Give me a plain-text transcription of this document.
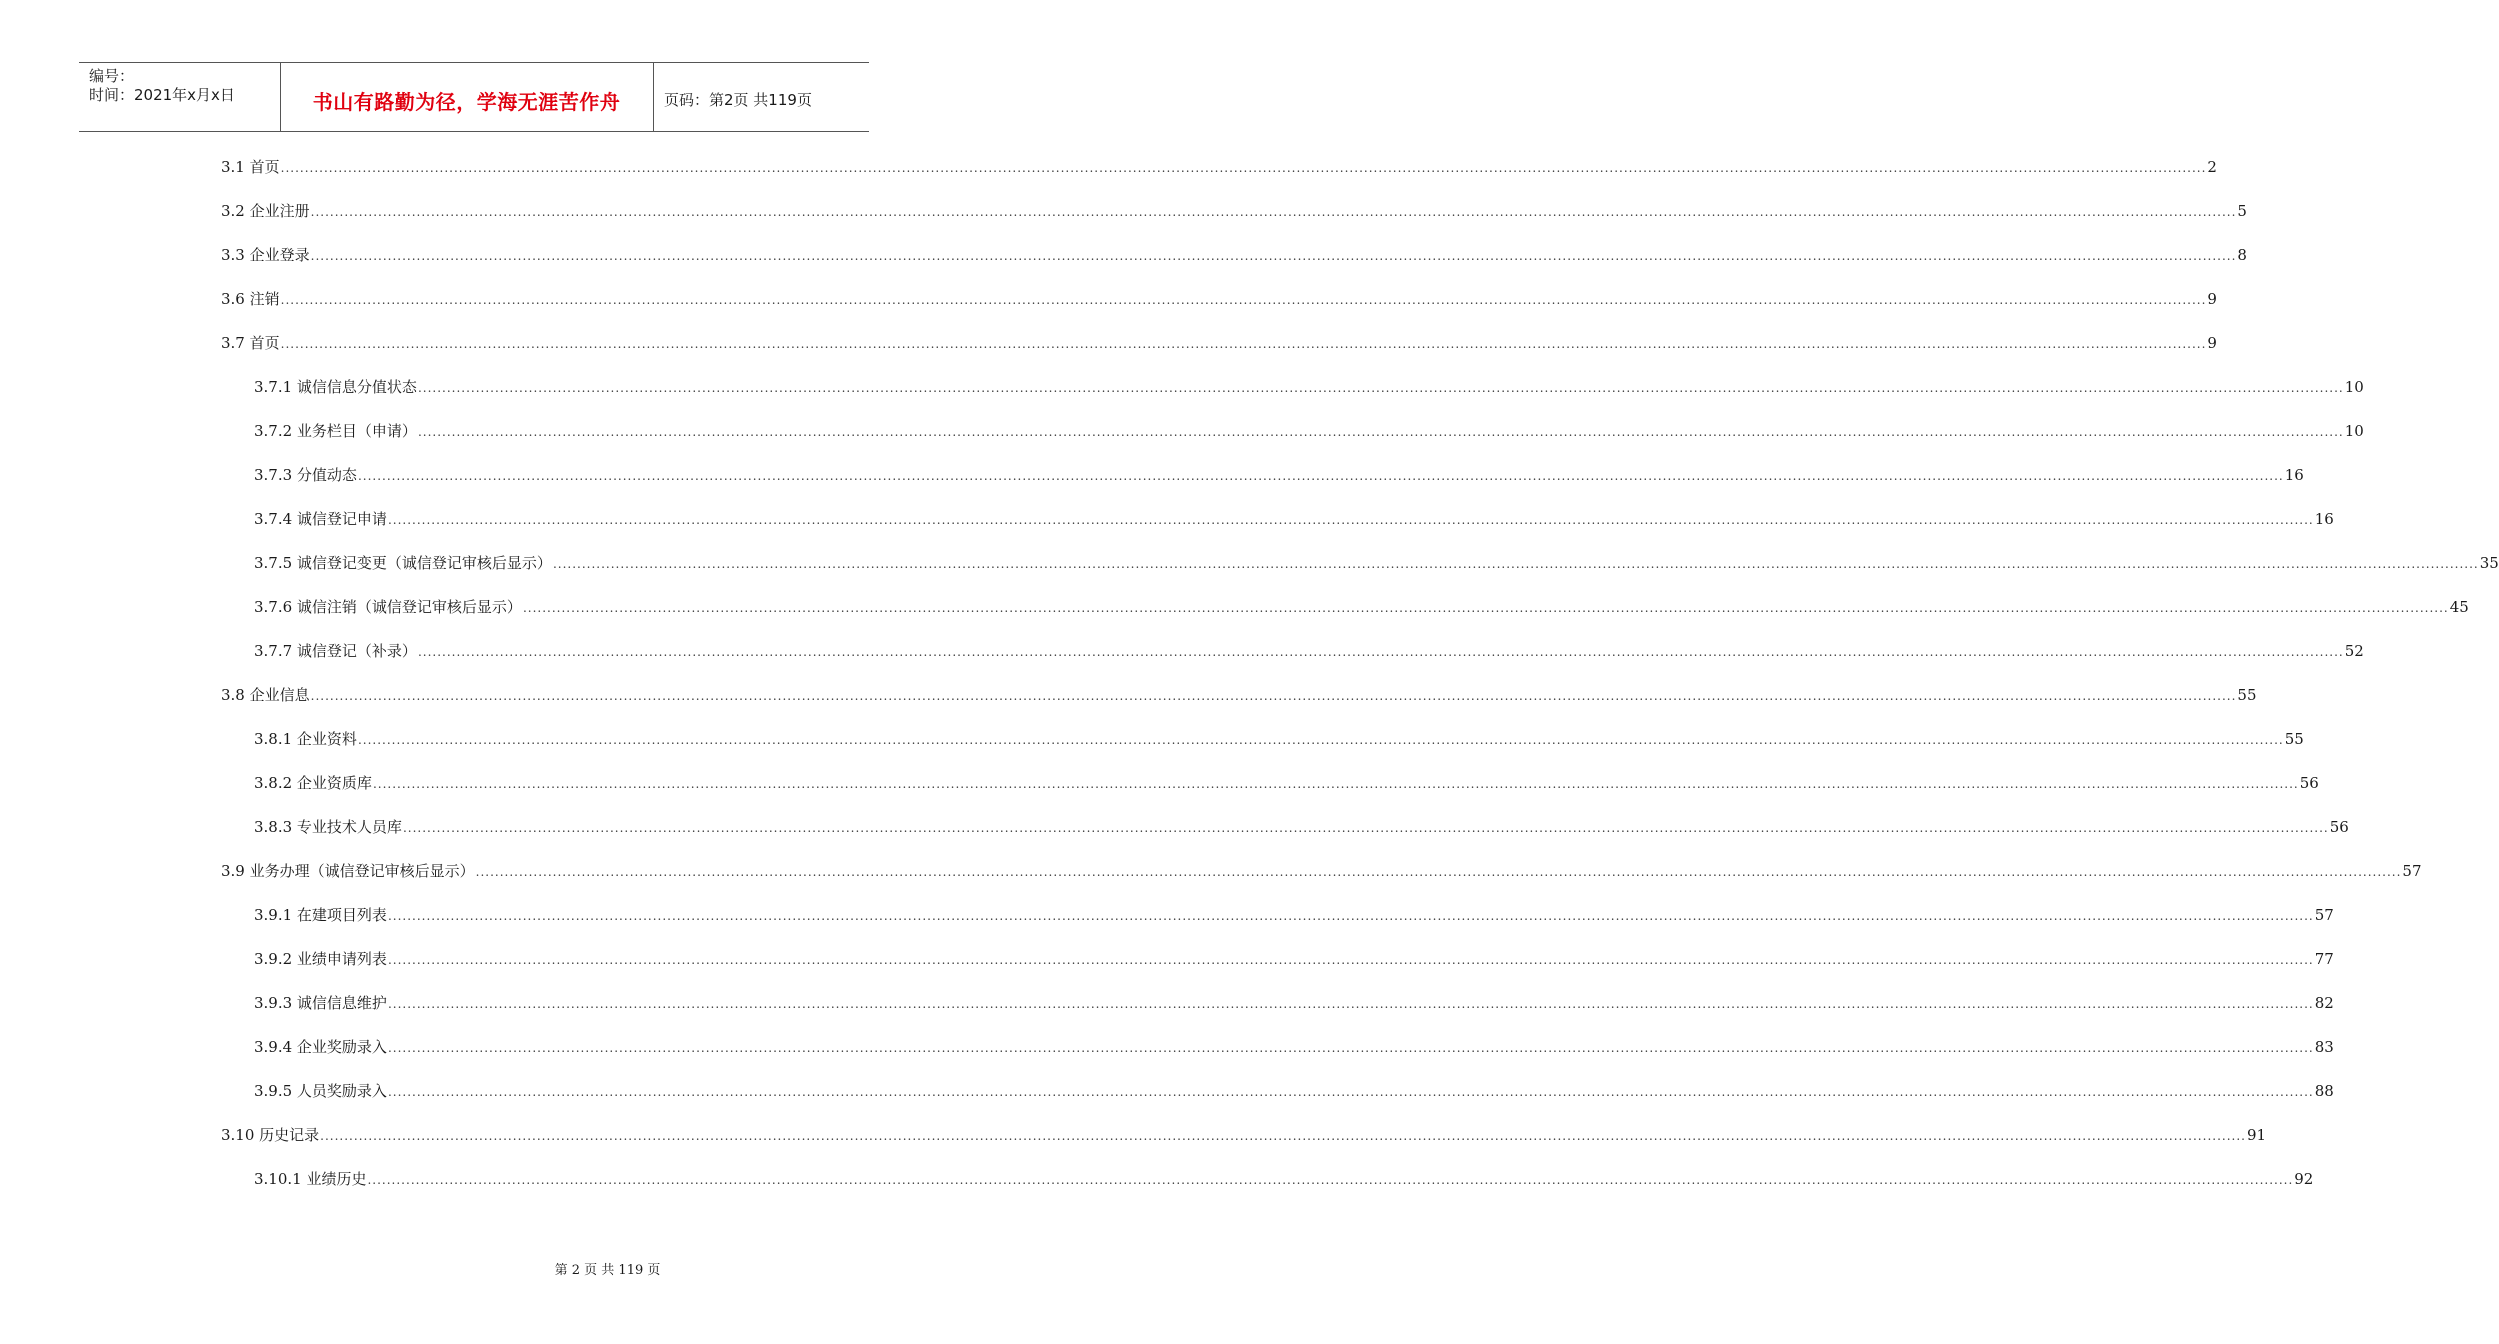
编号：
时间：2021年x月x日	书山有路勤为径，学海无涯苦作舟	页码：第2页 共119页
3.1 首页 ................................................................................................................................................................................................................................................................................................................................................................................................................ 2
3.2 企业注册 ................................................................................................................................................................................................................................................................................................................................................................................................................ 5
3.3 企业登录 ................................................................................................................................................................................................................................................................................................................................................................................................................ 8
3.6 注销 ................................................................................................................................................................................................................................................................................................................................................................................................................ 9
3.7 首页 ................................................................................................................................................................................................................................................................................................................................................................................................................ 9
3.7.1 诚信信息分值状态 ................................................................................................................................................................................................................................................................................................................................................................................................................ 10
3.7.2 业务栏目（申请） ................................................................................................................................................................................................................................................................................................................................................................................................................ 10
3.7.3 分值动态 ................................................................................................................................................................................................................................................................................................................................................................................................................ 16
3.7.4 诚信登记申请 ................................................................................................................................................................................................................................................................................................................................................................................................................ 16
3.7.5 诚信登记变更（诚信登记审核后显示） ................................................................................................................................................................................................................................................................................................................................................................................................................ 35
3.7.6 诚信注销（诚信登记审核后显示） ................................................................................................................................................................................................................................................................................................................................................................................................................ 45
3.7.7 诚信登记（补录） ................................................................................................................................................................................................................................................................................................................................................................................................................ 52
3.8 企业信息 ................................................................................................................................................................................................................................................................................................................................................................................................................ 55
3.8.1 企业资料 ................................................................................................................................................................................................................................................................................................................................................................................................................ 55
3.8.2 企业资质库 ................................................................................................................................................................................................................................................................................................................................................................................................................ 56
3.8.3 专业技术人员库 ................................................................................................................................................................................................................................................................................................................................................................................................................ 56
3.9 业务办理（诚信登记审核后显示） ................................................................................................................................................................................................................................................................................................................................................................................................................ 57
3.9.1 在建项目列表 ................................................................................................................................................................................................................................................................................................................................................................................................................ 57
3.9.2 业绩申请列表 ................................................................................................................................................................................................................................................................................................................................................................................................................ 77
3.9.3 诚信信息维护 ................................................................................................................................................................................................................................................................................................................................................................................................................ 82
3.9.4 企业奖励录入 ................................................................................................................................................................................................................................................................................................................................................................................................................ 83
3.9.5 人员奖励录入 ................................................................................................................................................................................................................................................................................................................................................................................................................ 88
3.10 历史记录 ................................................................................................................................................................................................................................................................................................................................................................................................................ 91
3.10.1 业绩历史 ................................................................................................................................................................................................................................................................................................................................................................................................................ 92
第 2 页 共 119 页
